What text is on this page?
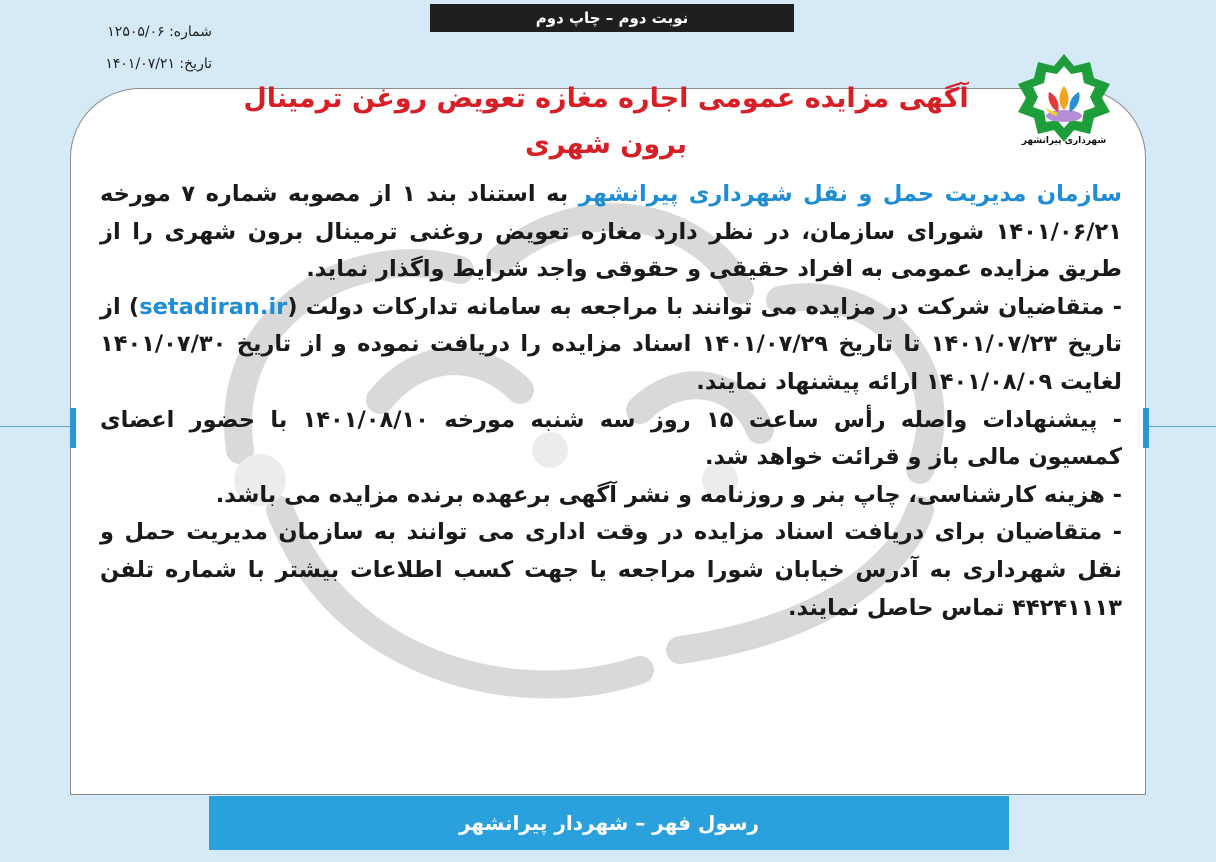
نوبت دوم – چاپ دوم
شماره: ۱۲۵۰۵/۰۶
تاریخ: ۱۴۰۱/۰۷/۲۱
شهرداری پیرانشهر
آگهی مزایده عمومی اجاره مغازه تعویض روغن ترمینال برون شهری

سازمان مدیریت حمل و نقل شهرداری پیرانشهر به استناد بند ۱ از مصوبه شماره ۷ مورخه ۱۴۰۱/۰۶/۲۱ شورای سازمان، در نظر دارد مغازه تعویض روغنی ترمینال برون شهری را از طریق مزایده عمومی به افراد حقیقی و حقوقی واجد شرایط واگذار نماید.

- متقاضیان شرکت در مزایده می توانند با مراجعه به سامانه تدارکات دولت (setadiran.ir) از تاریخ ۱۴۰۱/۰۷/۲۳ تا تاریخ ۱۴۰۱/۰۷/۲۹ اسناد مزایده را دریافت نموده و از تاریخ ۱۴۰۱/۰۷/۳۰ لغایت ۱۴۰۱/۰۸/۰۹ ارائه پیشنهاد نمایند.

- پیشنهادات واصله رأس ساعت ۱۵ روز سه شنبه مورخه ۱۴۰۱/۰۸/۱۰ با حضور اعضای کمسیون مالی باز و قرائت خواهد شد.

- هزینه کارشناسی، چاپ بنر و روزنامه و نشر آگهی برعهده برنده مزایده می باشد.

- متقاضیان برای دریافت اسناد مزایده در وقت اداری می توانند به سازمان مدیریت حمل و نقل شهرداری به آدرس خیابان شورا مراجعه یا جهت کسب اطلاعات بیشتر با شماره تلفن ۴۴۲۴۱۱۱۳ تماس حاصل نمایند.

رسول فهر – شهردار پیرانشهر
